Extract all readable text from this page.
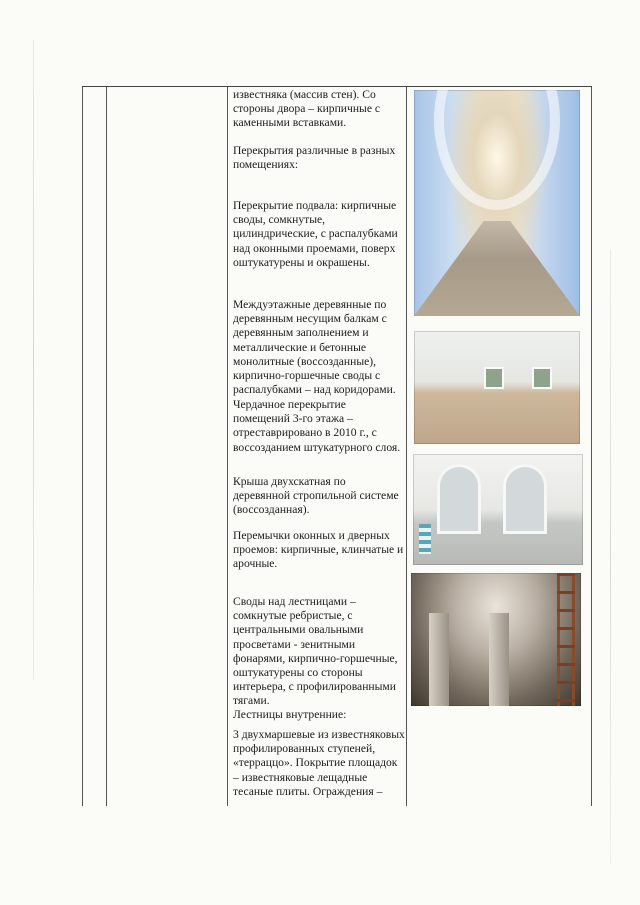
известняка (массив стен). Со стороны двора – кирпичные с каменными вставками.

Перекрытия различные в разных помещениях:

Перекрытие подвала: кирпичные своды, сомкнутые, цилиндрические, с распалубками над оконными проемами, поверх оштукатурены и окрашены.

Междуэтажные деревянные по деревянным несущим балкам с деревянным заполнением и металлические и бетонные монолитные (воссозданные), кирпично-горшечные своды с распалубками – над коридорами.

Чердачное перекрытие помещений 3-го этажа – отреставрировано в 2010 г., с воссозданием штукатурного слоя.

Крыша двухскатная по деревянной стропильной системе (воссозданная).

Перемычки оконных и дверных проемов: кирпичные, клинчатые и арочные.

Своды над лестницами – сомкнутые ребристые, с центральными овальными просветами - зенитными фонарями, кирпично-горшечные, оштукатурены со стороны интерьера, с профилированными тягами.

Лестницы внутренние:

3 двухмаршевые из известняковых профилированных ступеней, «терраццо». Покрытие площадок – известняковые лещадные тесаные плиты. Ограждения –
